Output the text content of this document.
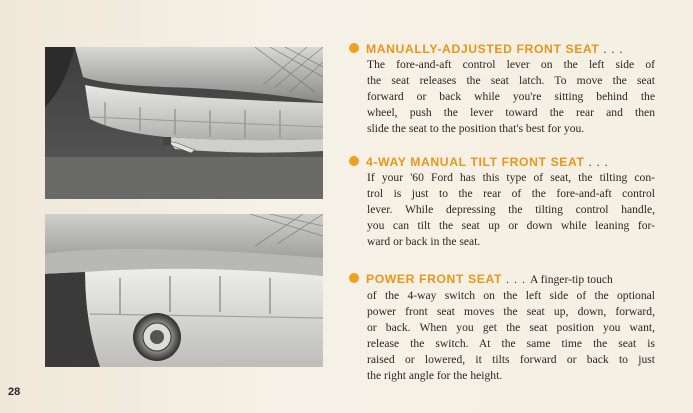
MANUALLY-ADJUSTED FRONT SEAT . . .
The fore-and-aft control lever on the left side of
the seat releases the seat latch. To move the seat
forward or back while you're sitting behind the
wheel, push the lever toward the rear and then
slide the seat to the position that's best for you.
4-WAY MANUAL TILT FRONT SEAT . . .
If your '60 Ford has this type of seat, the tilting con-
trol is just to the rear of the fore-and-aft control
lever. While depressing the tilting control handle,
you can tilt the seat up or down while leaning for-
ward or back in the seat.
POWER FRONT SEAT . . . A finger-tip touch
of the 4-way switch on the left side of the optional
power front seat moves the seat up, down, forward,
or back. When you get the seat position you want,
release the switch. At the same time the seat is
raised or lowered, it tilts forward or back to just
the right angle for the height.
28
